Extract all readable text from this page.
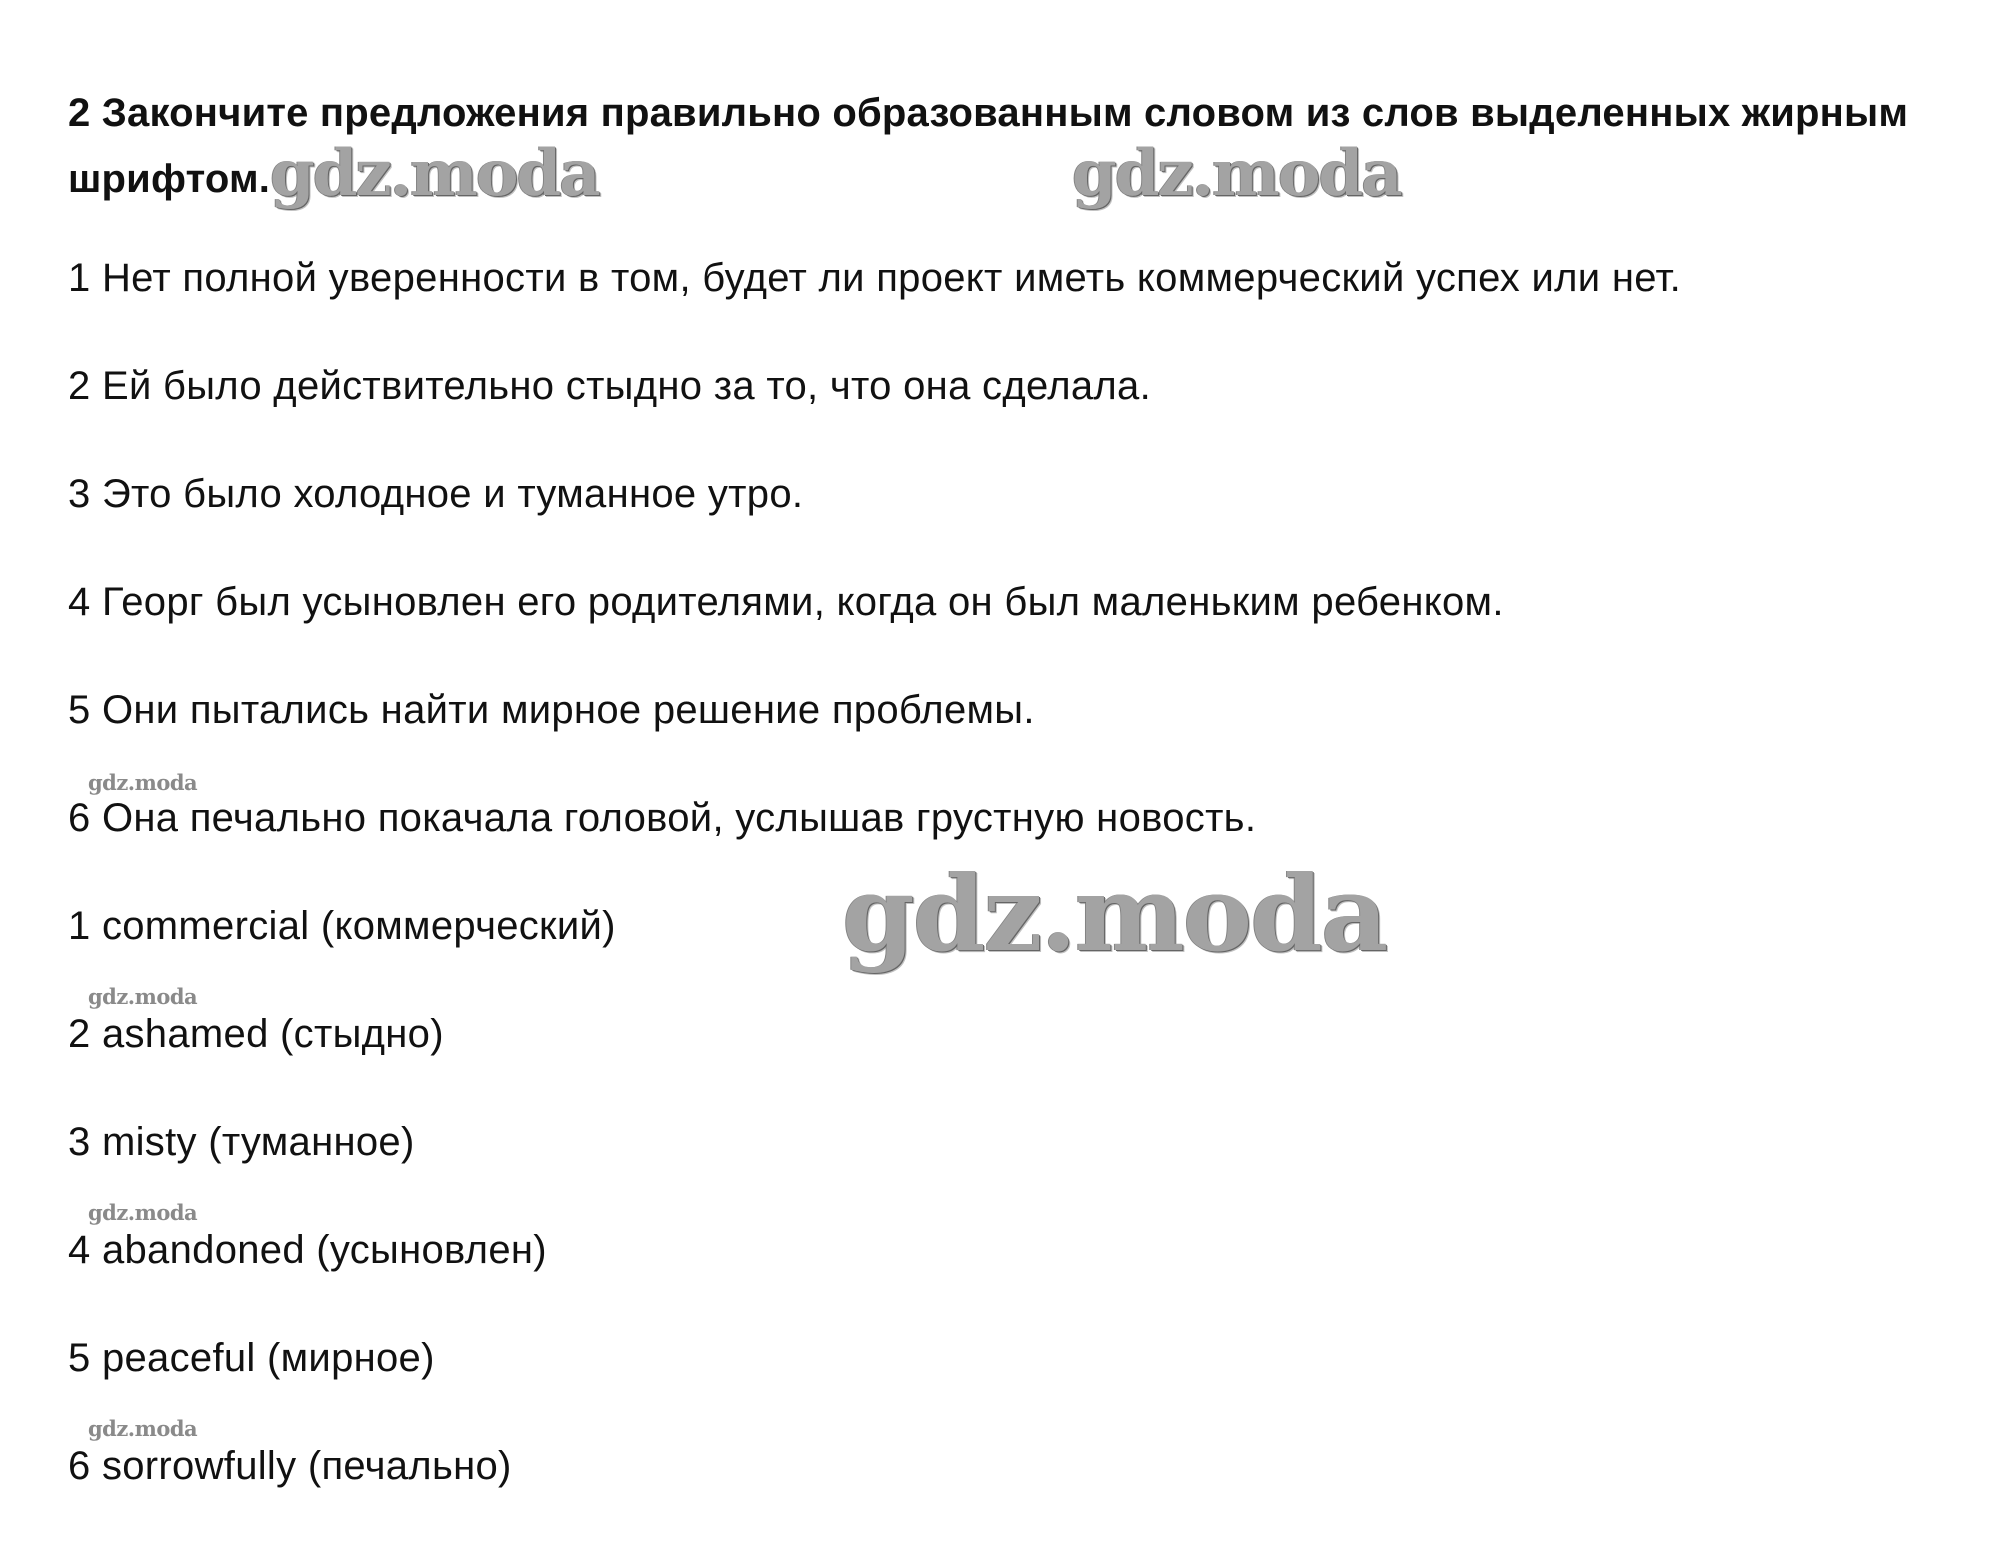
2 Закончите предложения правильно образованным словом из слов выделенных жирным шрифтом.
1 Нет полной уверенности в том, будет ли проект иметь коммерческий успех или нет.
2 Ей было действительно стыдно за то, что она сделала.
3 Это было холодное и туманное утро.
4 Георг был усыновлен его родителями, когда он был маленьким ребенком.
5 Они пытались найти мирное решение проблемы.
6 Она печально покачала головой, услышав грустную новость.
1 commercial (коммерческий)
2 ashamed (стыдно)
3 misty (туманное)
4 abandoned (усыновлен)
5 peaceful (мирное)
6 sorrowfully (печально)
gdz.moda	gdz.moda
gdz.moda
gdz.moda
gdz.moda
gdz.moda
gdz.moda
